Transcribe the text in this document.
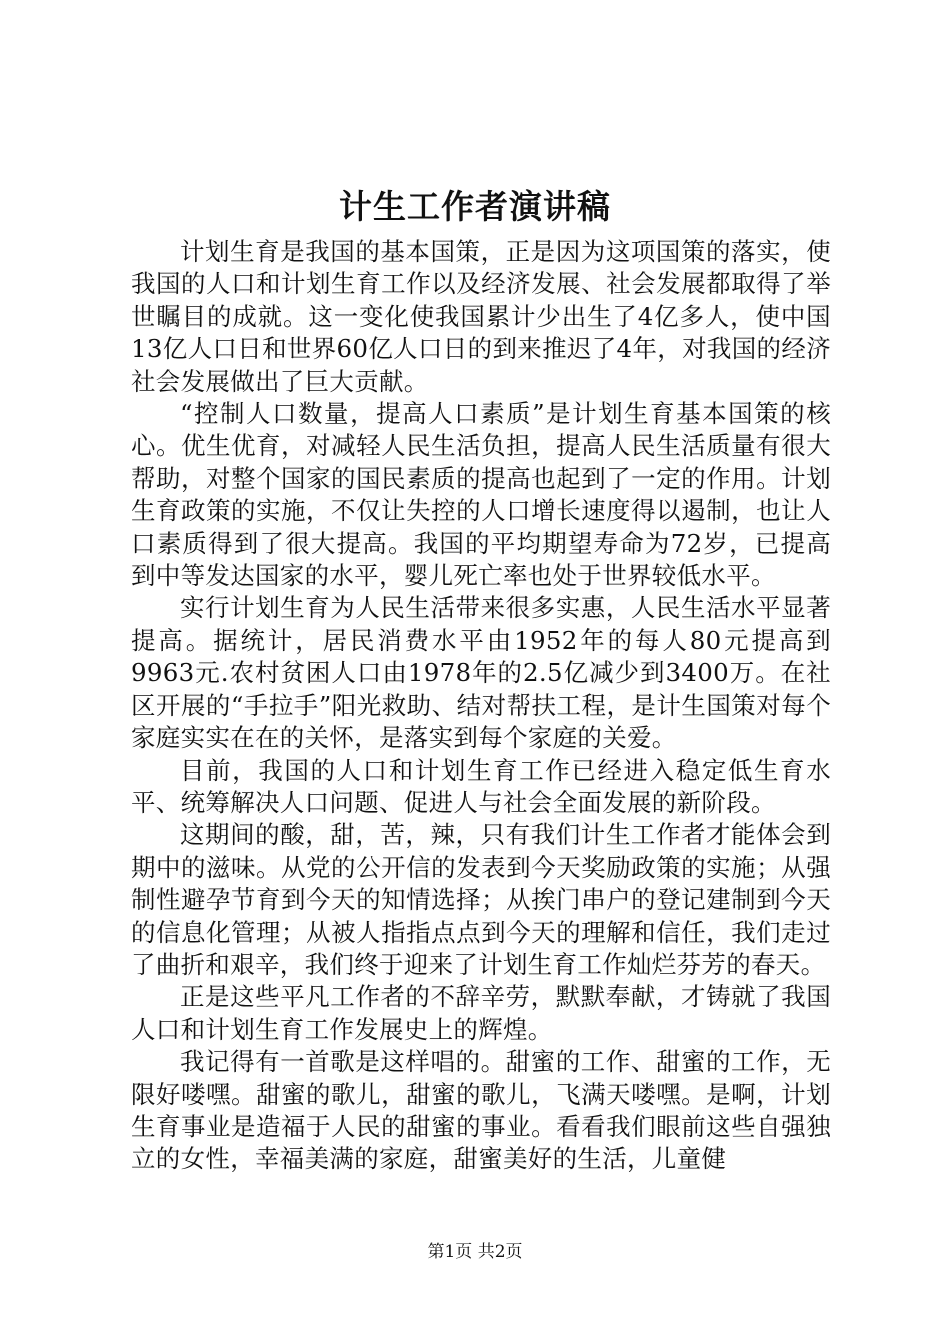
计生工作者演讲稿

计划生育是我国的基本国策，正是因为这项国策的落实，使我国的人口和计划生育工作以及经济发展、社会发展都取得了举世瞩目的成就。这一变化使我国累计少出生了4亿多人，使中国13亿人口日和世界60亿人口日的到来推迟了4年，对我国的经济社会发展做出了巨大贡献。

“控制人口数量，提高人口素质”是计划生育基本国策的核心。优生优育，对减轻人民生活负担，提高人民生活质量有很大帮助，对整个国家的国民素质的提高也起到了一定的作用。计划生育政策的实施，不仅让失控的人口增长速度得以遏制，也让人口素质得到了很大提高。我国的平均期望寿命为72岁，已提高到中等发达国家的水平，婴儿死亡率也处于世界较低水平。

实行计划生育为人民生活带来很多实惠，人民生活水平显著提高。据统计，居民消费水平由1952年的每人80元提高到9963元.农村贫困人口由1978年的2.5亿减少到3400万。在社区开展的“手拉手”阳光救助、结对帮扶工程，是计生国策对每个家庭实实在在的关怀，是落实到每个家庭的关爱。

目前，我国的人口和计划生育工作已经进入稳定低生育水平、统筹解决人口问题、促进人与社会全面发展的新阶段。

这期间的酸，甜，苦，辣，只有我们计生工作者才能体会到期中的滋味。从党的公开信的发表到今天奖励政策的实施；从强制性避孕节育到今天的知情选择；从挨门串户的登记建制到今天的信息化管理；从被人指指点点到今天的理解和信任，我们走过了曲折和艰辛，我们终于迎来了计划生育工作灿烂芬芳的春天。

正是这些平凡工作者的不辞辛劳，默默奉献，才铸就了我国人口和计划生育工作发展史上的辉煌。

我记得有一首歌是这样唱的。甜蜜的工作、甜蜜的工作，无限好喽嘿。甜蜜的歌儿，甜蜜的歌儿，飞满天喽嘿。是啊，计划生育事业是造福于人民的甜蜜的事业。看看我们眼前这些自强独立的女性，幸福美满的家庭，甜蜜美好的生活，儿童健

第1页 共2页
